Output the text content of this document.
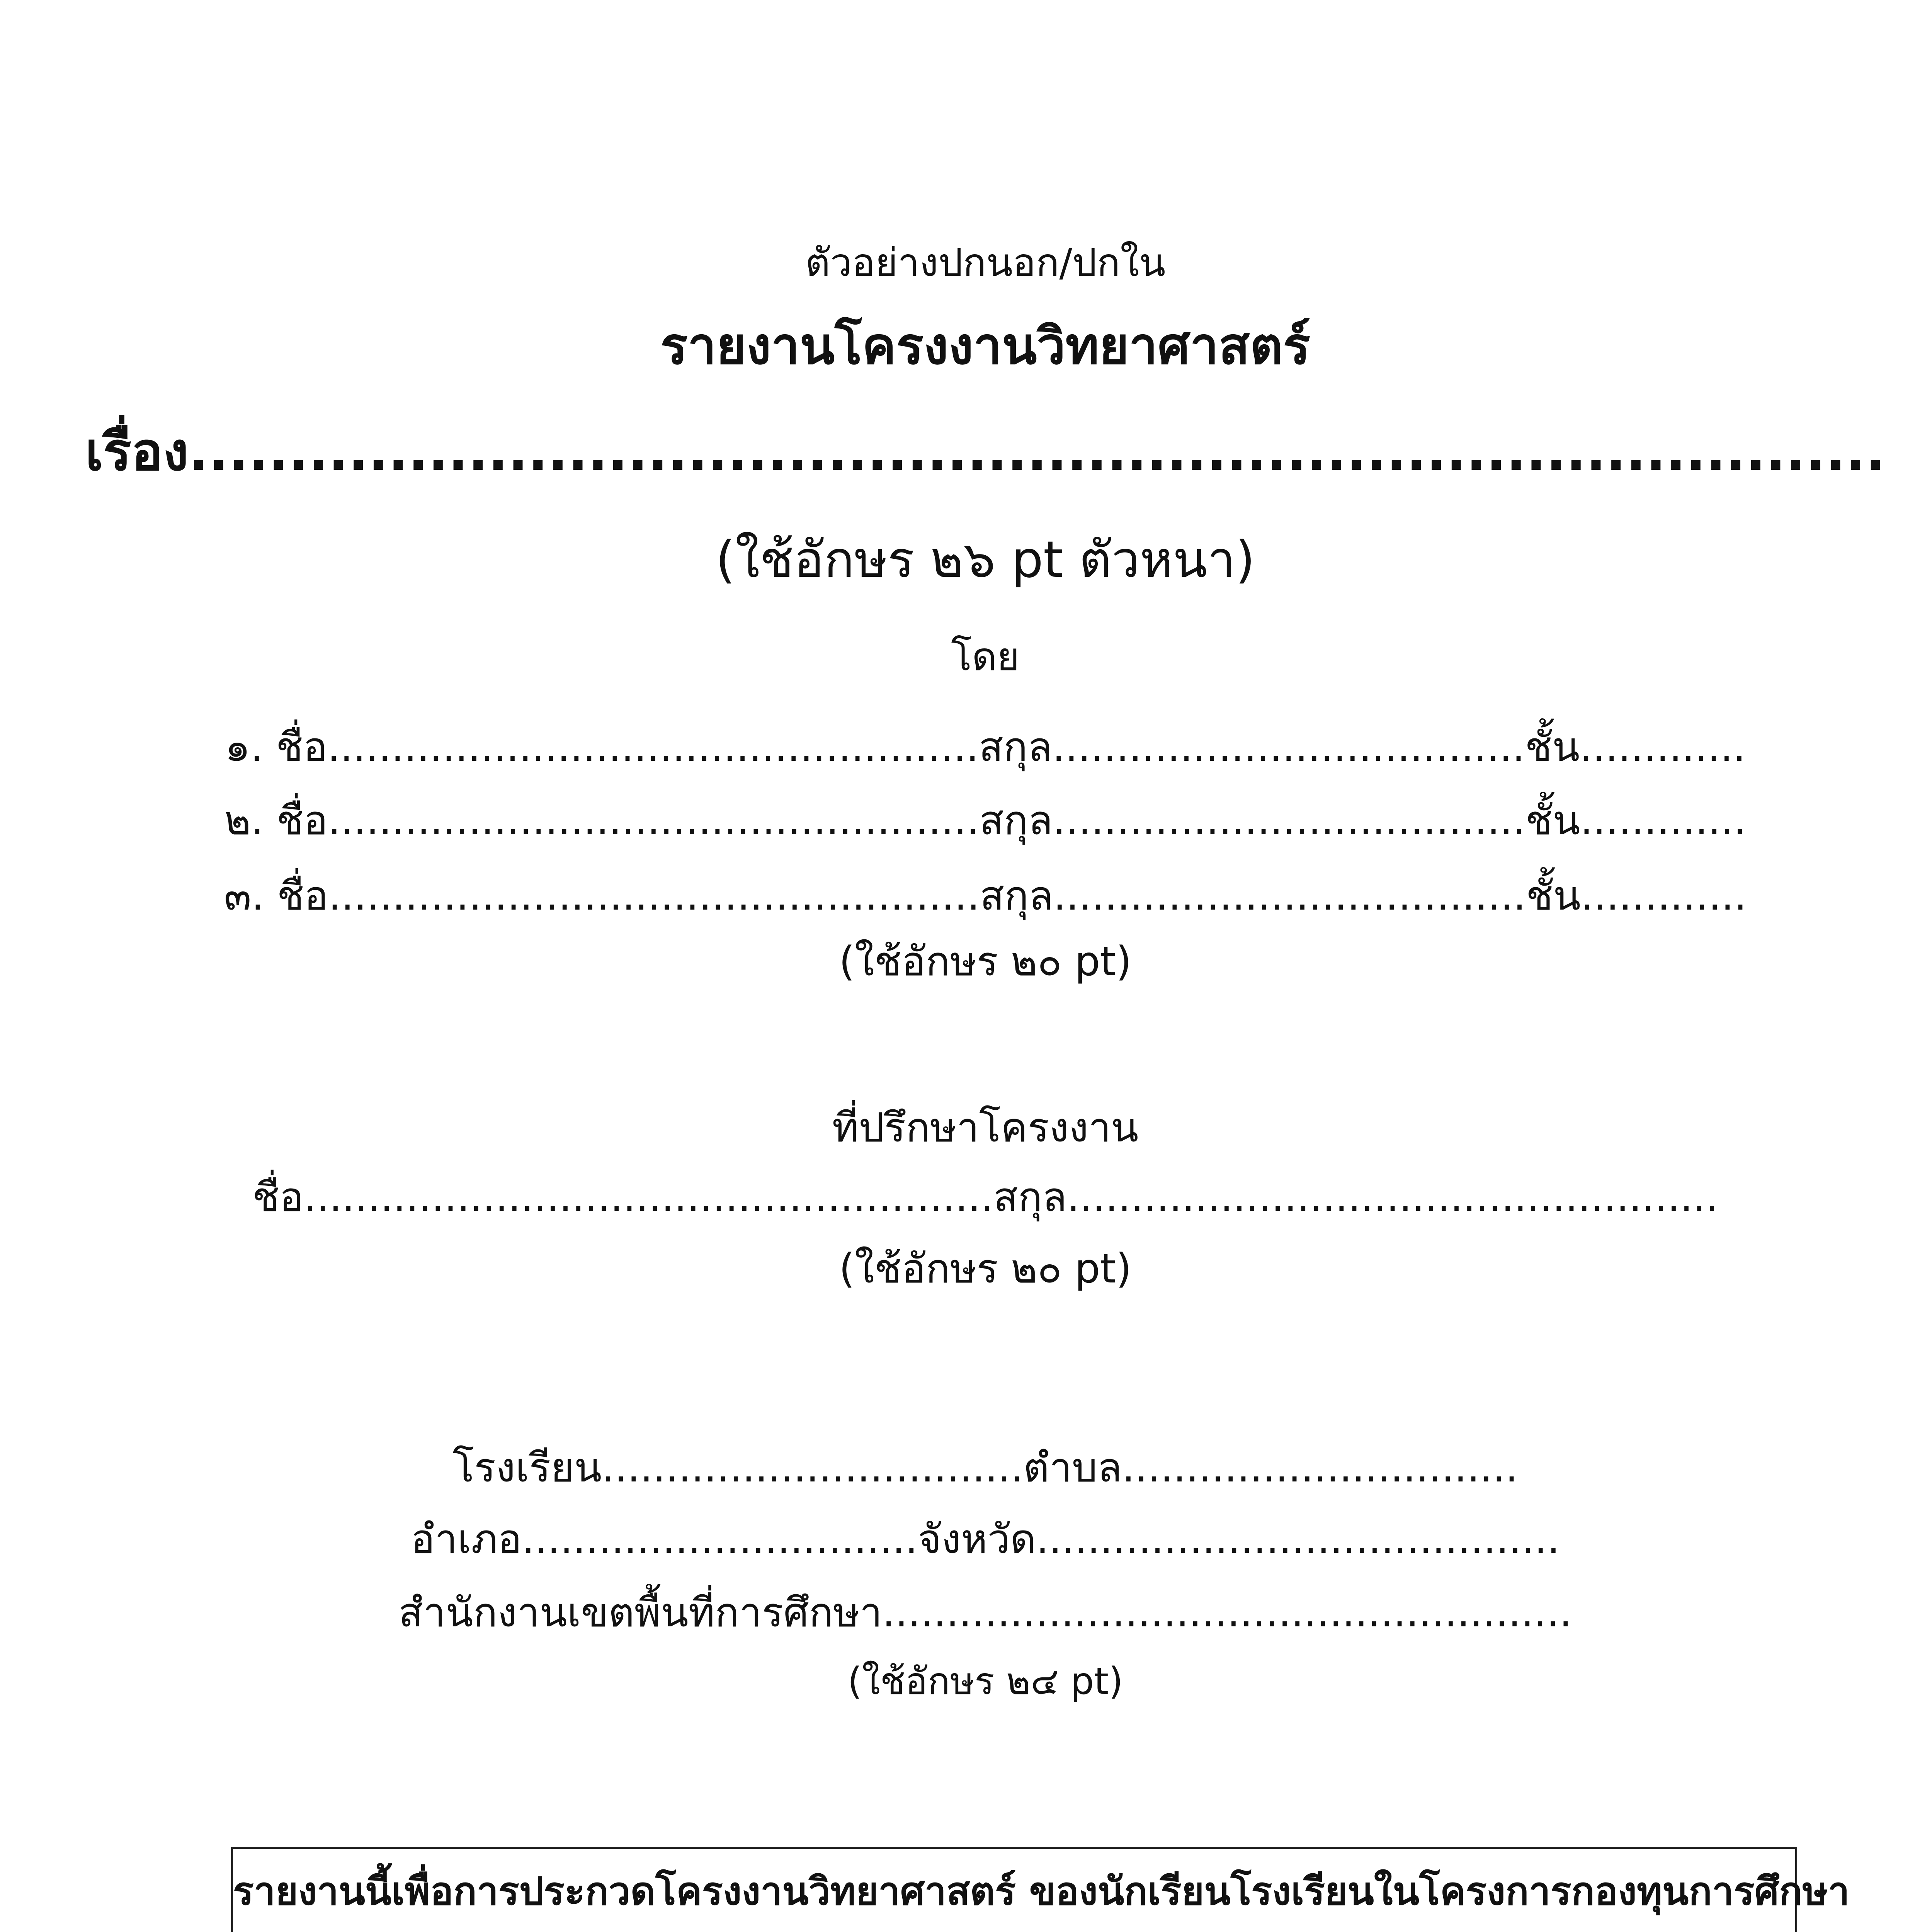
ตัวอย่างปกนอก/ปกใน
รายงานโครงงานวิทยาศาสตร์
เรื่อง.....................................................................................
(ใช้อักษร ๒๖ pt ตัวหนา)
โดย
๑. ชื่อ...................................................สกุล.....................................ชั้น.............
๒. ชื่อ...................................................สกุล.....................................ชั้น.............
๓. ชื่อ...................................................สกุล.....................................ชั้น.............
(ใช้อักษร ๒๐ pt)
ที่ปรึกษาโครงงาน
ชื่อ......................................................สกุล...................................................
(ใช้อักษร ๒๐ pt)
โรงเรียน.................................ตำบล...............................
อำเภอ...............................จังหวัด.........................................
สำนักงานเขตพื้นที่การศึกษา......................................................
(ใช้อักษร ๒๔ pt)
รายงานนี้เพื่อการประกวดโครงงานวิทยาศาสตร์ ของนักเรียนโรงเรียนในโครงการกองทุนการศึกษา
